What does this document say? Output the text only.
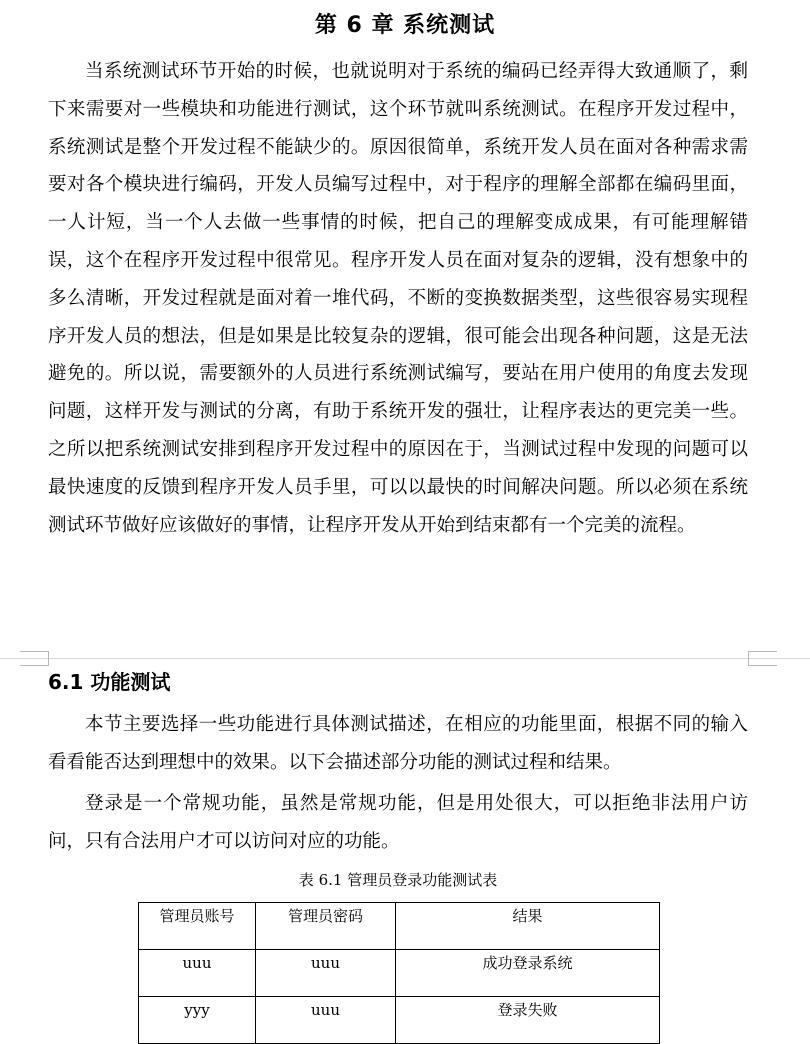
第 6 章 系统测试

当系统测试环节开始的时候，也就说明对于系统的编码已经弄得大致通顺了，剩下来需要对一些模块和功能进行测试，这个环节就叫系统测试。在程序开发过程中，系统测试是整个开发过程不能缺少的。原因很简单，系统开发人员在面对各种需求需要对各个模块进行编码，开发人员编写过程中，对于程序的理解全部都在编码里面，一人计短，当一个人去做一些事情的时候，把自己的理解变成成果，有可能理解错误，这个在程序开发过程中很常见。程序开发人员在面对复杂的逻辑，没有想象中的多么清晰，开发过程就是面对着一堆代码，不断的变换数据类型，这些很容易实现程序开发人员的想法，但是如果是比较复杂的逻辑，很可能会出现各种问题，这是无法避免的。所以说，需要额外的人员进行系统测试编写，要站在用户使用的角度去发现问题，这样开发与测试的分离，有助于系统开发的强壮，让程序表达的更完美一些。之所以把系统测试安排到程序开发过程中的原因在于，当测试过程中发现的问题可以最快速度的反馈到程序开发人员手里，可以以最快的时间解决问题。所以必须在系统测试环节做好应该做好的事情，让程序开发从开始到结束都有一个完美的流程。

6.1 功能测试

本节主要选择一些功能进行具体测试描述，在相应的功能里面，根据不同的输入看看能否达到理想中的效果。以下会描述部分功能的测试过程和结果。

登录是一个常规功能，虽然是常规功能，但是用处很大，可以拒绝非法用户访问，只有合法用户才可以访问对应的功能。

表 6.1 管理员登录功能测试表
管理员账号	管理员密码	结果
uuu	uuu	成功登录系统
yyy	uuu	登录失败
